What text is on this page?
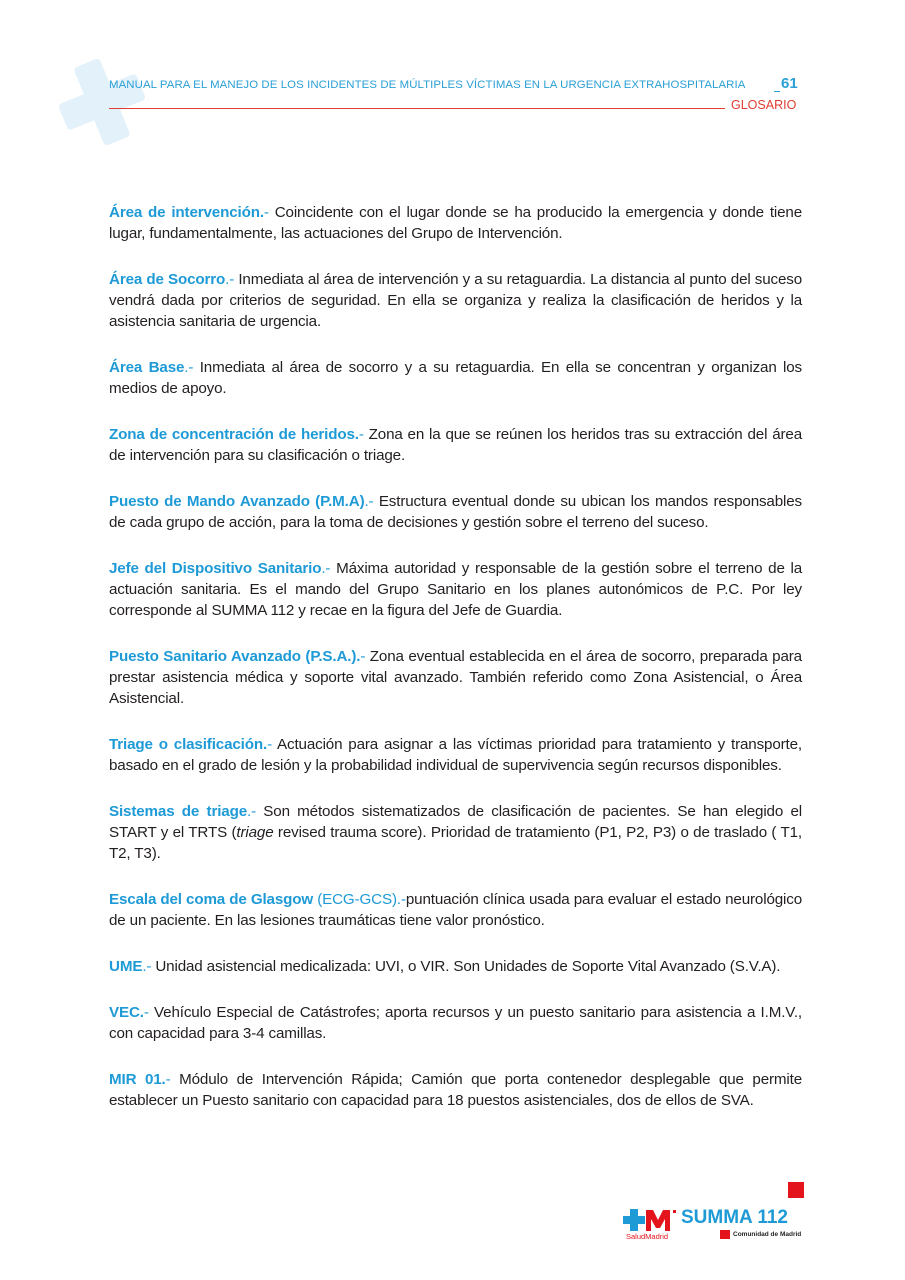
MANUAL PARA EL MANEJO DE LOS INCIDENTES DE MÚLTIPLES VÍCTIMAS EN LA URGENCIA EXTRAHOSPITALARIA 61
GLOSARIO

Área de intervención.- Coincidente con el lugar donde se ha producido la emergencia y donde tiene lugar, fundamentalmente, las actuaciones del Grupo de Intervención.

Área de Socorro.- Inmediata al área de intervención y a su retaguardia. La distancia al punto del suceso vendrá dada por criterios de seguridad. En ella se organiza y realiza la clasificación de heridos y la asistencia sanitaria de urgencia.

Área Base.- Inmediata al área de socorro y a su retaguardia. En ella se concentran y organizan los medios de apoyo.

Zona de concentración de heridos.- Zona en la que se reúnen los heridos tras su extracción del área de intervención para su clasificación o triage.

Puesto de Mando Avanzado (P.M.A).- Estructura eventual donde su ubican los mandos responsables de cada grupo de acción, para la toma de decisiones y gestión sobre el terreno del suceso.

Jefe del Dispositivo Sanitario.- Máxima autoridad y responsable de la gestión sobre el terreno de la actuación sanitaria. Es el mando del Grupo Sanitario en los planes autonómicos de P.C. Por ley corresponde al SUMMA 112 y recae en la figura del Jefe de Guardia.

Puesto Sanitario Avanzado (P.S.A.).- Zona eventual establecida en el área de socorro, preparada para prestar asistencia médica y soporte vital avanzado. También referido como Zona Asistencial, o Área Asistencial.

Triage o clasificación.- Actuación para asignar a las víctimas prioridad para tratamiento y transporte, basado en el grado de lesión y la probabilidad individual de supervivencia según recursos disponibles.

Sistemas de triage.- Son métodos sistematizados de clasificación de pacientes. Se han elegido el START y el TRTS (triage revised trauma score). Prioridad de tratamiento (P1, P2, P3) o de traslado ( T1, T2, T3).

Escala del coma de Glasgow (ECG-GCS).-puntuación clínica usada para evaluar el estado neurológico de un paciente. En las lesiones traumáticas tiene valor pronóstico.

UME.- Unidad asistencial medicalizada: UVI, o VIR. Son Unidades de Soporte Vital Avanzado (S.V.A).

VEC.- Vehículo Especial de Catástrofes; aporta recursos y un puesto sanitario para asistencia a I.M.V., con capacidad para 3-4 camillas.

MIR 01.- Módulo de Intervención Rápida; Camión que porta contenedor desplegable que permite establecer un Puesto sanitario con capacidad para 18 puestos asistenciales, dos de ellos de SVA.

SaludMadrid
SUMMA 112
Comunidad de Madrid
